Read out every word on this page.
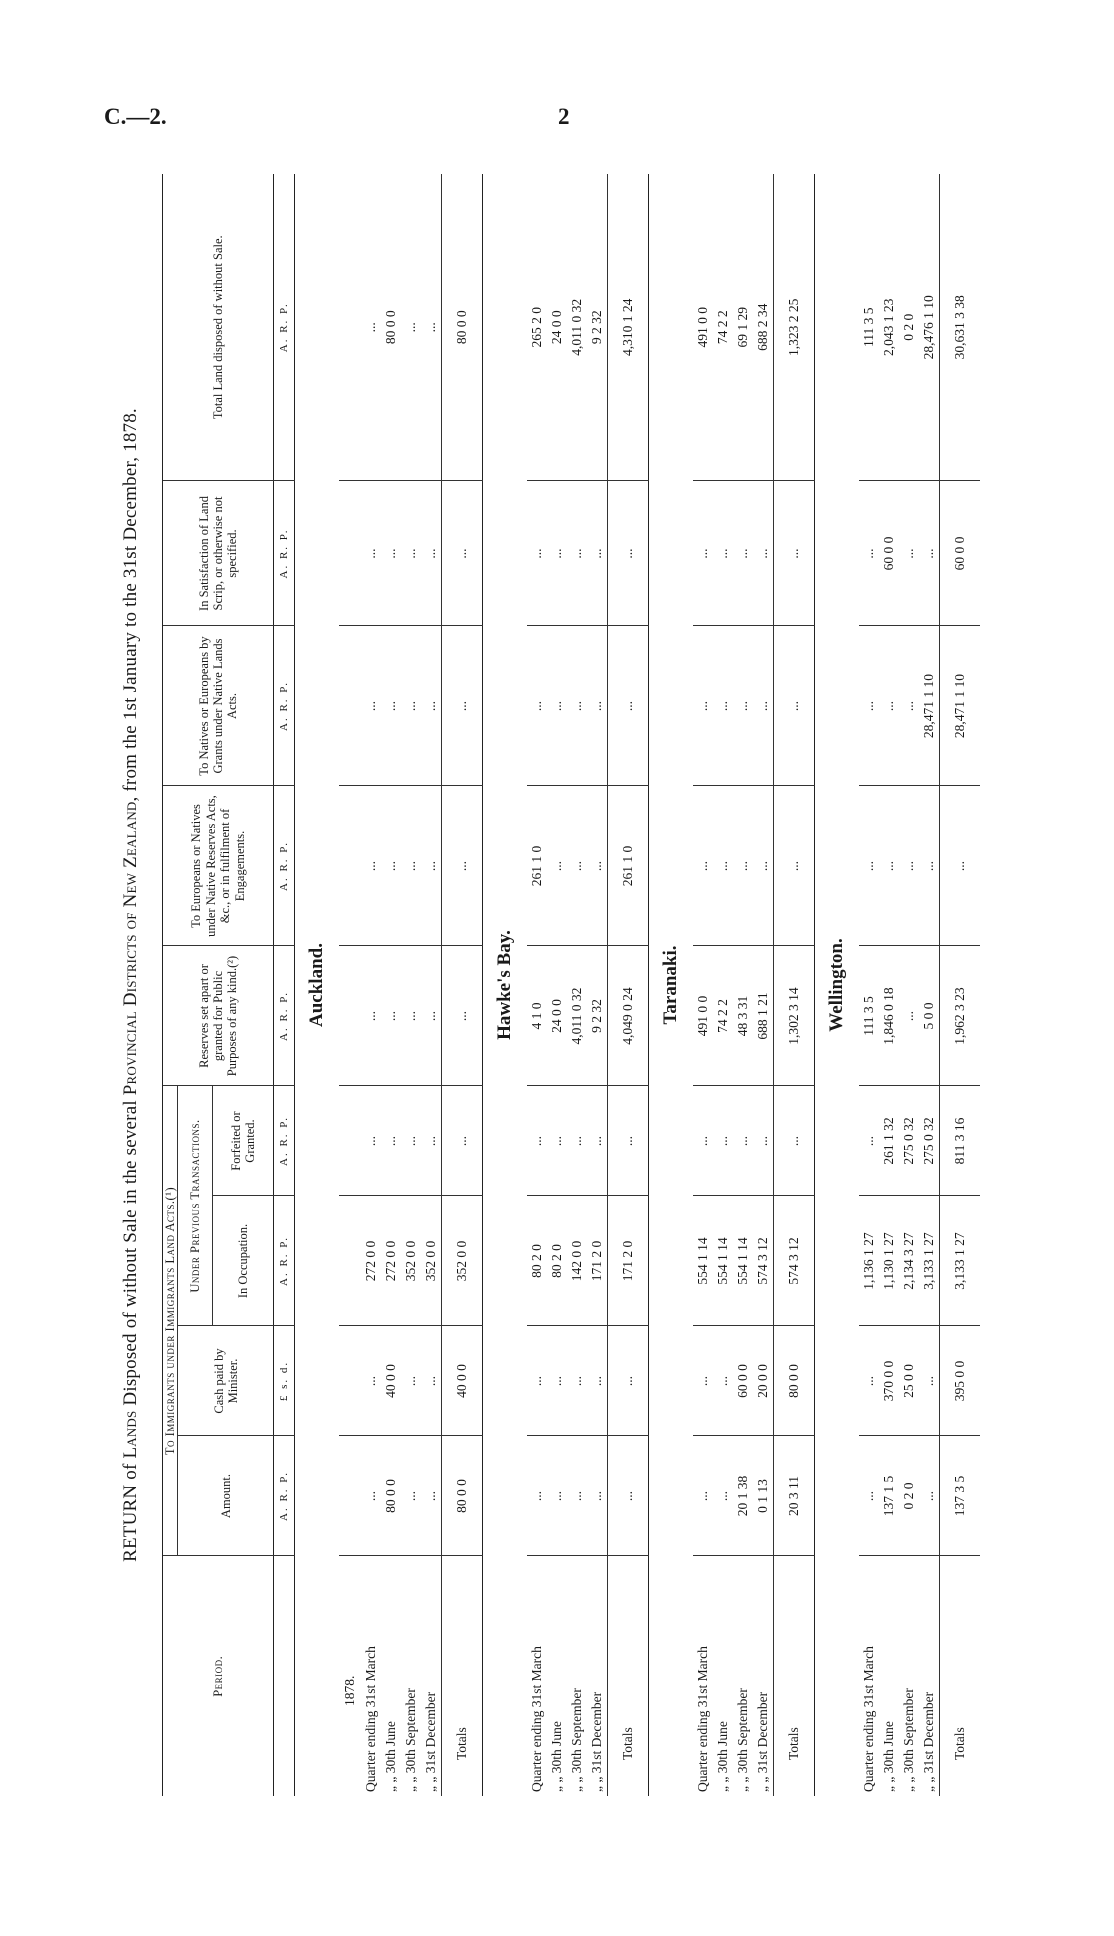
C.—2.	2
RETURN of Lands Disposed of without Sale in the several Provincial Districts of New Zealand, from the 1st January to the 31st December, 1878.
Period.	To Immigrants under Immigrants Land Acts.(¹)				Reserves set apart or granted for Public Purposes of any kind.(²)	To Europeans or Natives under Native Reserves Acts, &c., or in fulfilment of Engagements.	To Natives or Europeans by Grants under Native Lands Acts.	In Satisfaction of Land Scrip, or otherwise not specified.	Total Land disposed of without Sale.
	Amount.	Cash paid by Minister.	Under Previous Transactions.						
			In Occupation.	Forfeited or Granted.					
	A. R. P.	£ s. d.	A. R. P.	A. R. P.	A. R. P.	A. R. P.	A. R. P.	A. R. P.	A. R. P.
Auckland.									
1878.									
Quarter ending 31st March	...	...	272 0 0	...	...	...	...	...	...
„ „ 30th June	80 0 0	40 0 0	272 0 0	...	...	...	...	...	80 0 0
„ „ 30th September	...	...	352 0 0	...	...	...	...	...	...
„ „ 31st December	...	...	352 0 0	...	...	...	...	...	...
Totals	80 0 0	40 0 0	352 0 0	...	...	...	...	...	80 0 0
Hawke's Bay.									
Quarter ending 31st March	...	...	80 2 0	...	4 1 0	261 1 0	...	...	265 2 0
„ „ 30th June	...	...	80 2 0	...	24 0 0	...	...	...	24 0 0
„ „ 30th September	...	...	142 0 0	...	4,011 0 32	...	...	...	4,011 0 32
„ „ 31st December	...	...	171 2 0	...	9 2 32	...	...	...	9 2 32
Totals	...	...	171 2 0	...	4,049 0 24	261 1 0	...	...	4,310 1 24
Taranaki.									
Quarter ending 31st March	...	...	554 1 14	...	491 0 0	...	...	...	491 0 0
„ „ 30th June	...	...	554 1 14	...	74 2 2	...	...	...	74 2 2
„ „ 30th September	20 1 38	60 0 0	554 1 14	...	48 3 31	...	...	...	69 1 29
„ „ 31st December	0 1 13	20 0 0	574 3 12	...	688 1 21	...	...	...	688 2 34
Totals	20 3 11	80 0 0	574 3 12	...	1,302 3 14	...	...	...	1,323 2 25
Wellington.									
Quarter ending 31st March	...	...	1,136 1 27	...	111 3 5	...	...	...	111 3 5
„ „ 30th June	137 1 5	370 0 0	1,130 1 27	261 1 32	1,846 0 18	...	...	60 0 0	2,043 1 23
„ „ 30th September	0 2 0	25 0 0	2,134 3 27	275 0 32	...	...	...	...	0 2 0
„ „ 31st December	...	...	3,133 1 27	275 0 32	5 0 0	...	28,471 1 10	...	28,476 1 10
Totals	137 3 5	395 0 0	3,133 1 27	811 3 16	1,962 3 23	...	28,471 1 10	60 0 0	30,631 3 38
